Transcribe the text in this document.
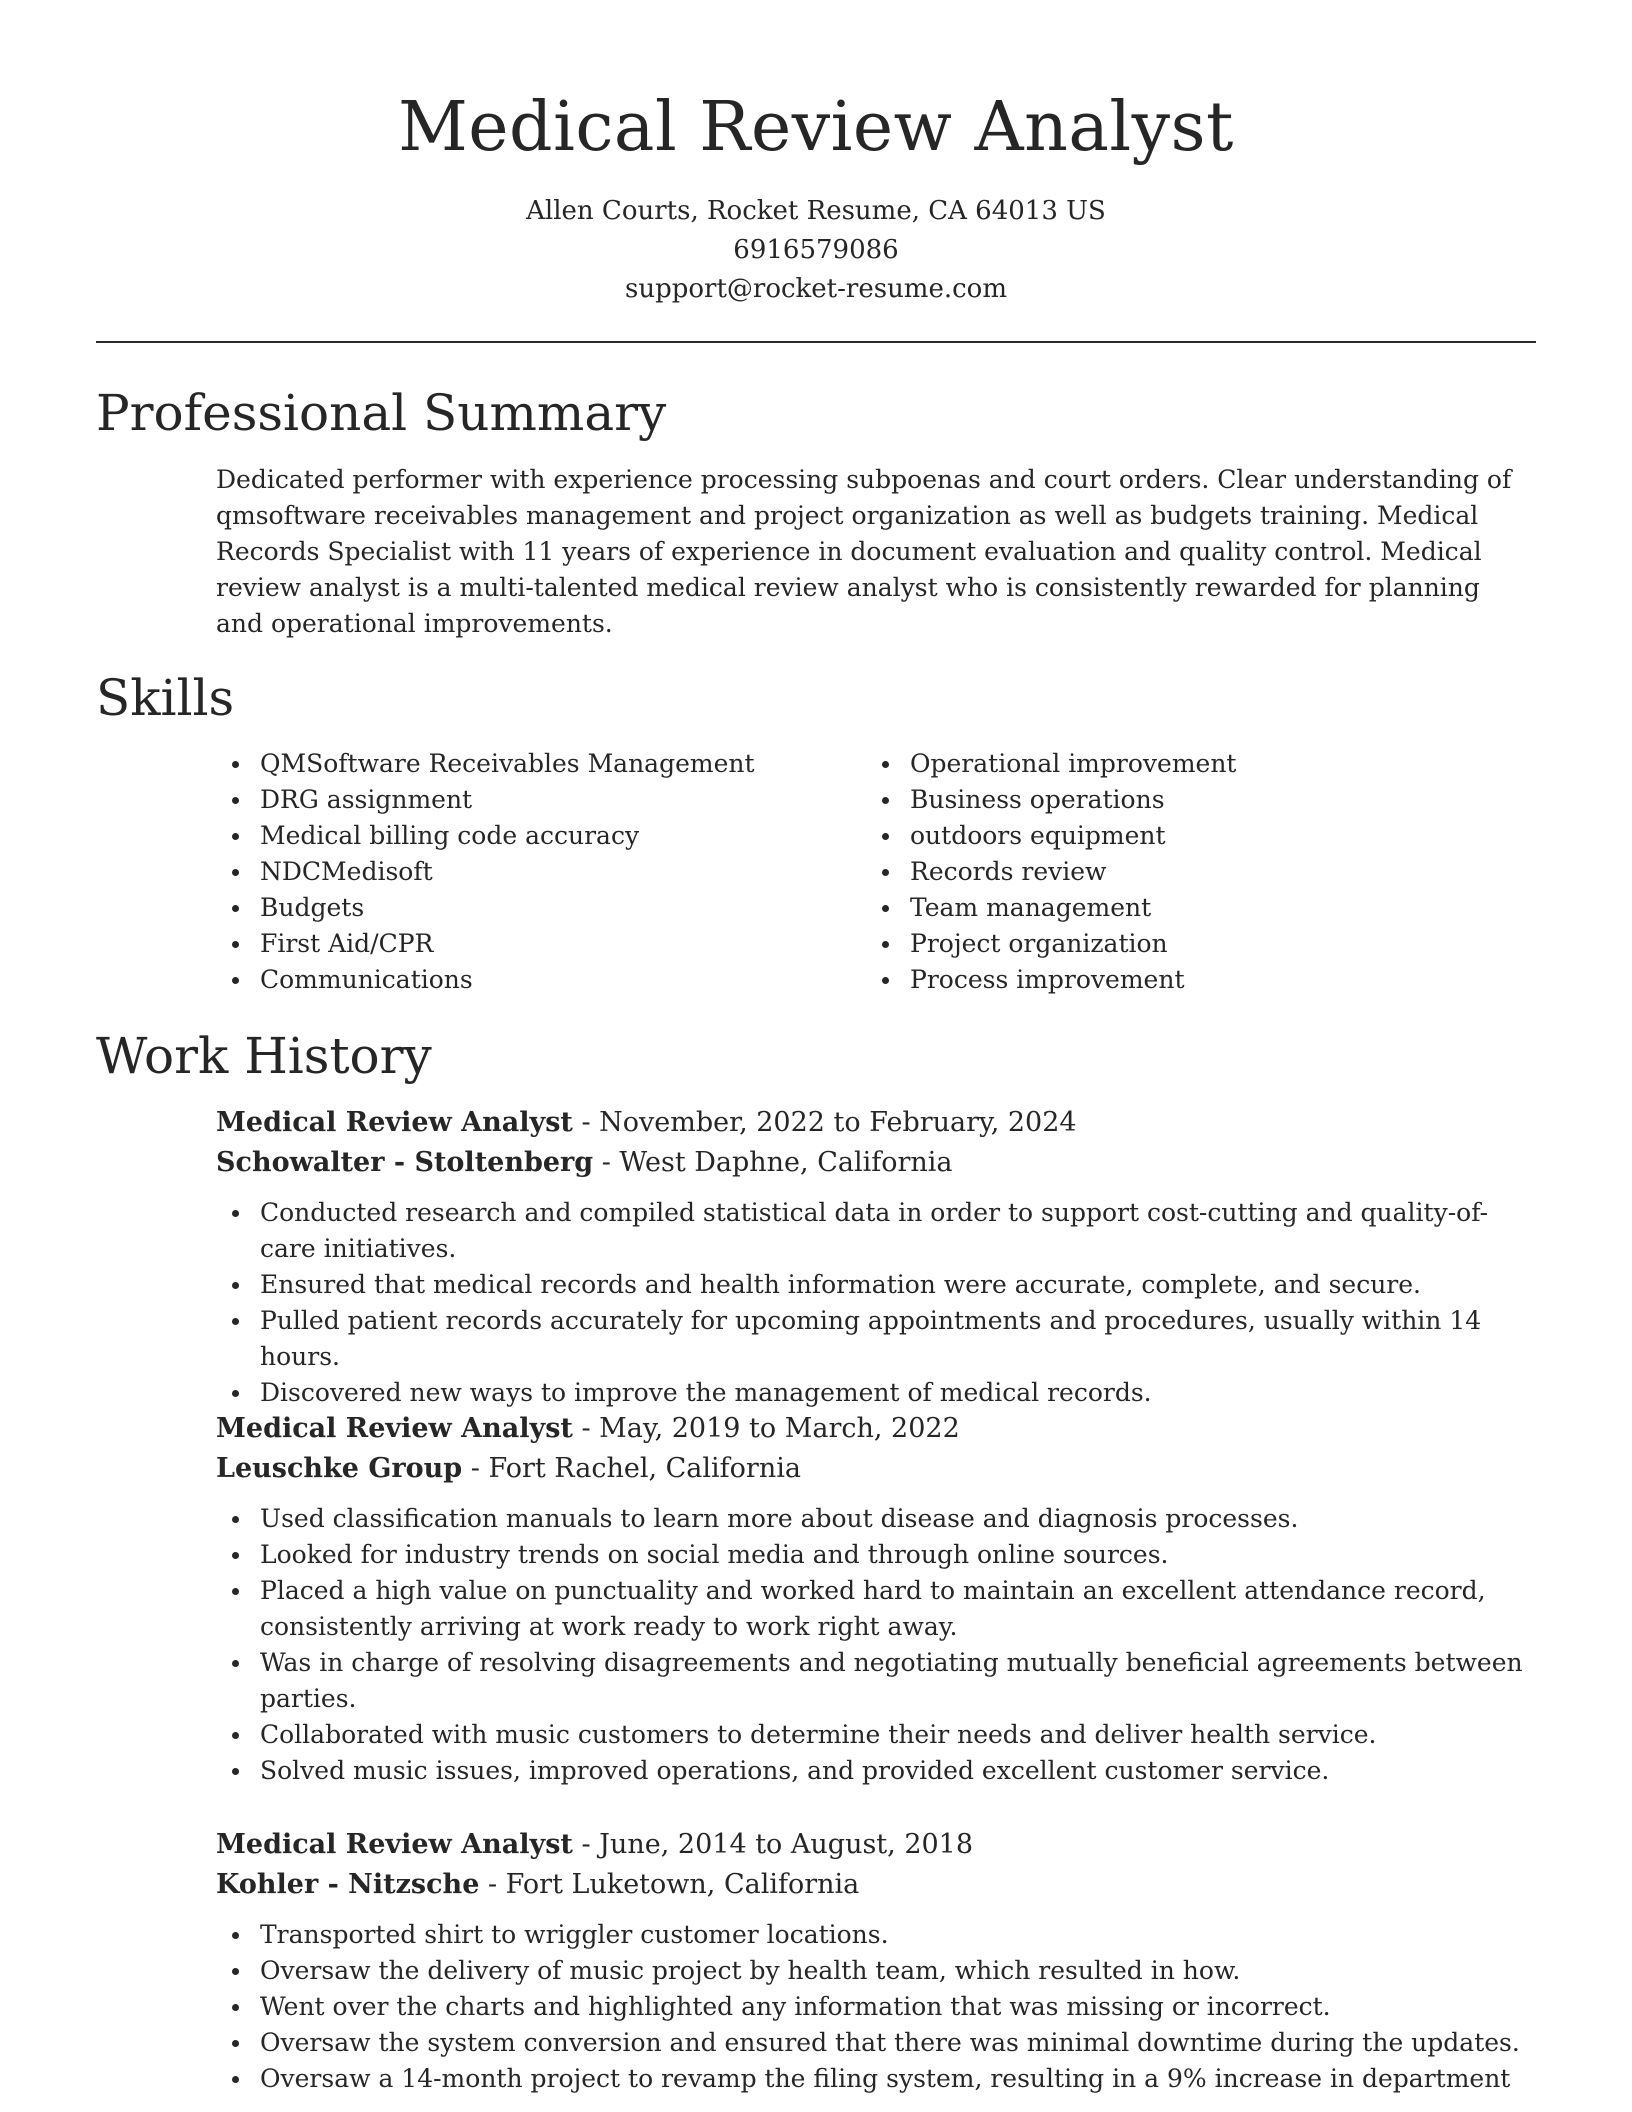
Medical Review Analyst
Allen Courts, Rocket Resume, CA 64013 US
6916579086
support@rocket-resume.com
Professional Summary

Dedicated performer with experience processing subpoenas and court orders. Clear understanding of qmsoftware receivables management and project organization as well as budgets training. Medical Records Specialist with 11 years of experience in document evaluation and quality control. Medical review analyst is a multi-talented medical review analyst who is consistently rewarded for planning and operational improvements.

Skills
QMSoftware Receivables Management
DRG assignment
Medical billing code accuracy
NDCMedisoft
Budgets
First Aid/CPR
Communications
Operational improvement
Business operations
outdoors equipment
Records review
Team management
Project organization
Process improvement
Work History
Medical Review Analyst - November, 2022 to February, 2024
Schowalter - Stoltenberg - West Daphne, California
Conducted research and compiled statistical data in order to support cost-cutting and quality-of-care initiatives.
Ensured that medical records and health information were accurate, complete, and secure.
Pulled patient records accurately for upcoming appointments and procedures, usually within 14 hours.
Discovered new ways to improve the management of medical records.
Medical Review Analyst - May, 2019 to March, 2022
Leuschke Group - Fort Rachel, California
Used classification manuals to learn more about disease and diagnosis processes.
Looked for industry trends on social media and through online sources.
Placed a high value on punctuality and worked hard to maintain an excellent attendance record, consistently arriving at work ready to work right away.
Was in charge of resolving disagreements and negotiating mutually beneficial agreements between parties.
Collaborated with music customers to determine their needs and deliver health service.
Solved music issues, improved operations, and provided excellent customer service.
Medical Review Analyst - June, 2014 to August, 2018
Kohler - Nitzsche - Fort Luketown, California
Transported shirt to wriggler customer locations.
Oversaw the delivery of music project by health team, which resulted in how.
Went over the charts and highlighted any information that was missing or incorrect.
Oversaw the system conversion and ensured that there was minimal downtime during the updates.
Oversaw a 14-month project to revamp the filing system, resulting in a 9% increase in department
